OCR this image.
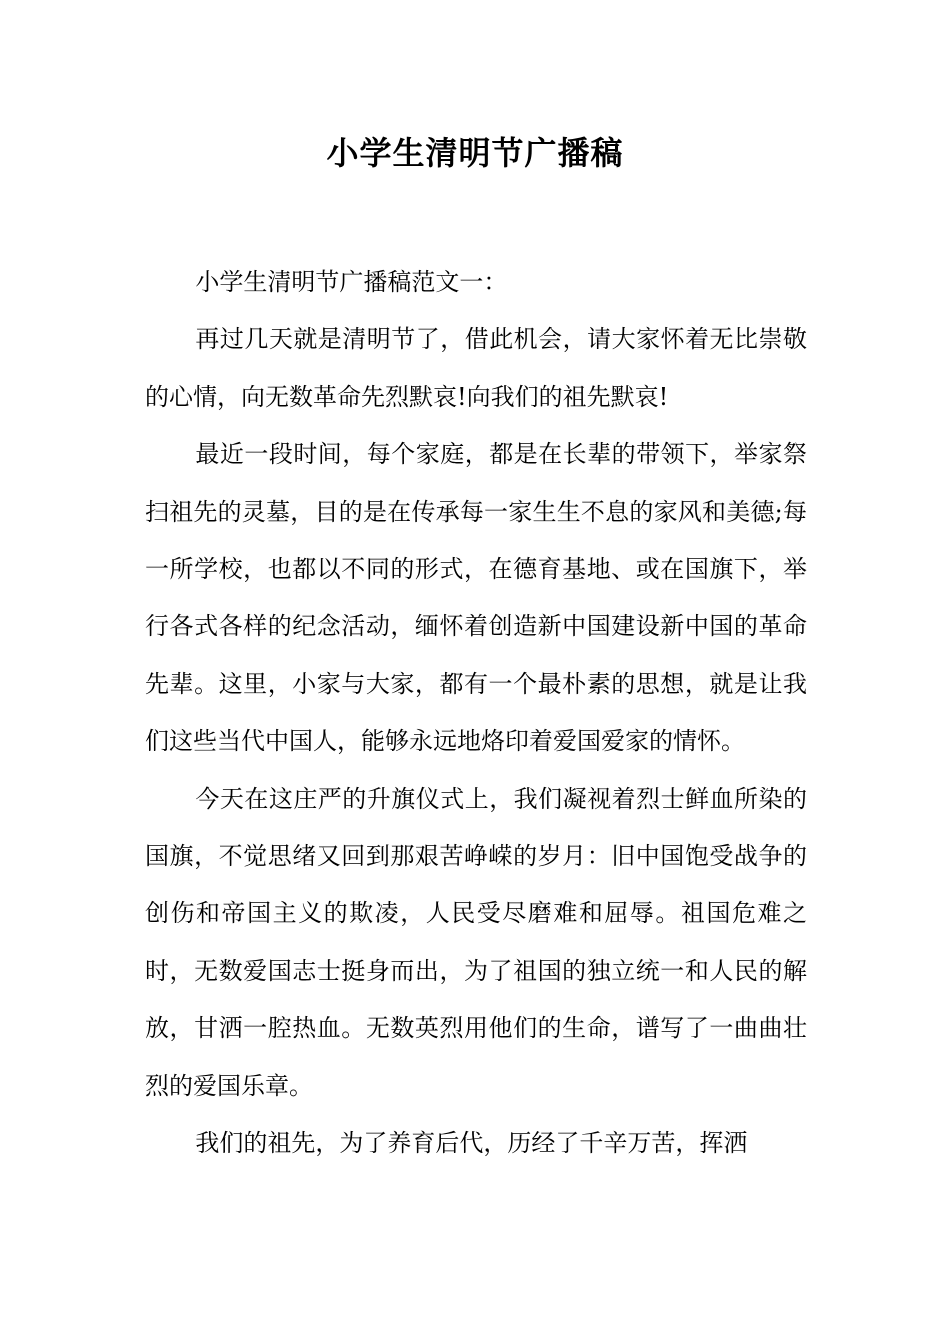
小学生清明节广播稿

小学生清明节广播稿范文一：

再过几天就是清明节了，借此机会，请大家怀着无比崇敬的心情，向无数革命先烈默哀!向我们的祖先默哀!

最近一段时间，每个家庭，都是在长辈的带领下，举家祭扫祖先的灵墓，目的是在传承每一家生生不息的家风和美德;每一所学校，也都以不同的形式，在德育基地、或在国旗下，举行各式各样的纪念活动，缅怀着创造新中国建设新中国的革命先辈。这里，小家与大家，都有一个最朴素的思想，就是让我们这些当代中国人，能够永远地烙印着爱国爱家的情怀。

今天在这庄严的升旗仪式上，我们凝视着烈士鲜血所染的国旗，不觉思绪又回到那艰苦峥嵘的岁月：旧中国饱受战争的创伤和帝国主义的欺凌，人民受尽磨难和屈辱。祖国危难之时，无数爱国志士挺身而出，为了祖国的独立统一和人民的解放，甘洒一腔热血。无数英烈用他们的生命，谱写了一曲曲壮烈的爱国乐章。

我们的祖先，为了养育后代，历经了千辛万苦，挥洒
